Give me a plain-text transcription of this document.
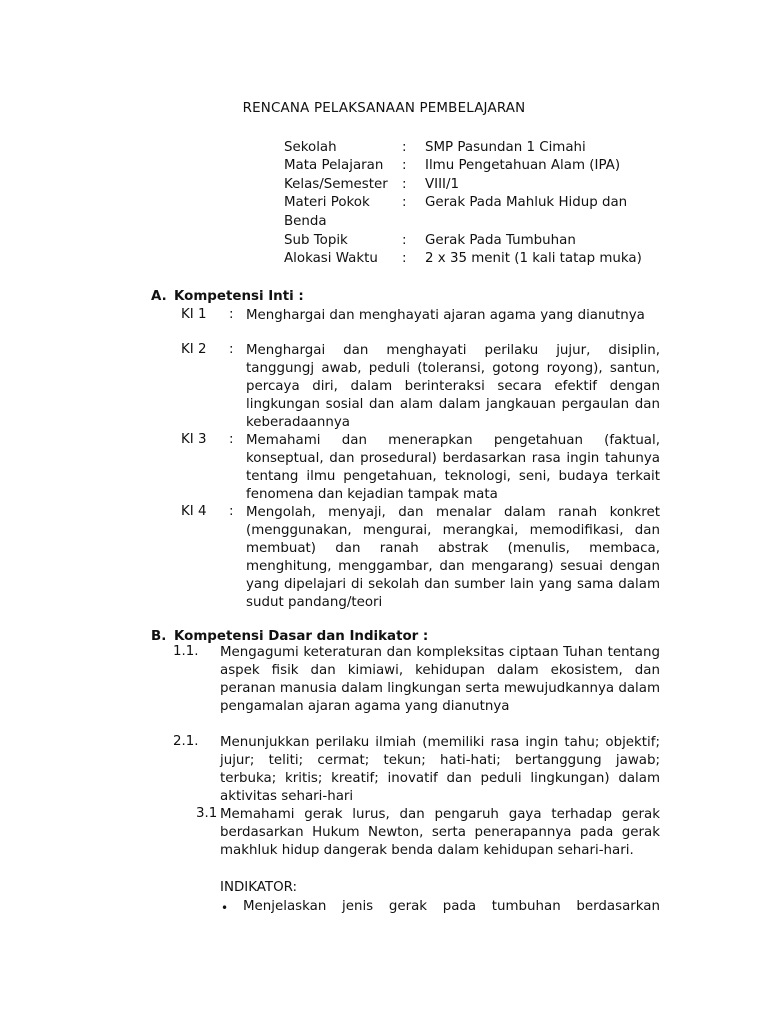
RENCANA PELAKSANAAN PEMBELAJARAN

Sekolah	: SMP Pasundan 1 Cimahi
Mata Pelajaran : Ilmu Pengetahuan Alam (IPA)
Kelas/Semester : VIII/1
Materi Pokok : Gerak Pada Mahluk Hidup dan
Benda
Sub Topik	: Gerak Pada Tumbuhan
Alokasi Waktu : 2 x 35 menit (1 kali tatap muka)
A. Kompetensi Inti :
KI 1 : Menghargai dan menghayati ajaran agama yang dianutnya
KI 2 : Menghargai dan menghayati perilaku jujur, disiplin, tanggungj awab, peduli (toleransi, gotong royong), santun, percaya diri, dalam berinteraksi secara efektif dengan lingkungan sosial dan alam dalam jangkauan pergaulan dan keberadaannya
KI 3 : Memahami dan menerapkan pengetahuan (faktual, konseptual, dan prosedural) berdasarkan rasa ingin tahunya tentang ilmu pengetahuan, teknologi, seni, budaya terkait fenomena dan kejadian tampak mata
KI 4 : Mengolah, menyaji, dan menalar dalam ranah konkret (menggunakan, mengurai, merangkai, memodifikasi, dan membuat) dan ranah abstrak (menulis, membaca, menghitung, menggambar, dan mengarang) sesuai dengan yang dipelajari di sekolah dan sumber lain yang sama dalam sudut pandang/teori
B. Kompetensi Dasar dan Indikator :
1.1. Mengagumi keteraturan dan kompleksitas ciptaan Tuhan tentang aspek fisik dan kimiawi, kehidupan dalam ekosistem, dan peranan manusia dalam lingkungan serta mewujudkannya dalam pengamalan ajaran agama yang dianutnya
2.1. Menunjukkan perilaku ilmiah (memiliki rasa ingin tahu; objektif; jujur; teliti; cermat; tekun; hati-hati; bertanggung jawab; terbuka; kritis; kreatif; inovatif dan peduli lingkungan) dalam aktivitas sehari-hari
3.1 Memahami gerak lurus, dan pengaruh gaya terhadap gerak berdasarkan Hukum Newton, serta penerapannya pada gerak makhluk hidup dangerak benda dalam kehidupan sehari-hari.
INDIKATOR:
• Menjelaskan jenis gerak pada tumbuhan berdasarkan
